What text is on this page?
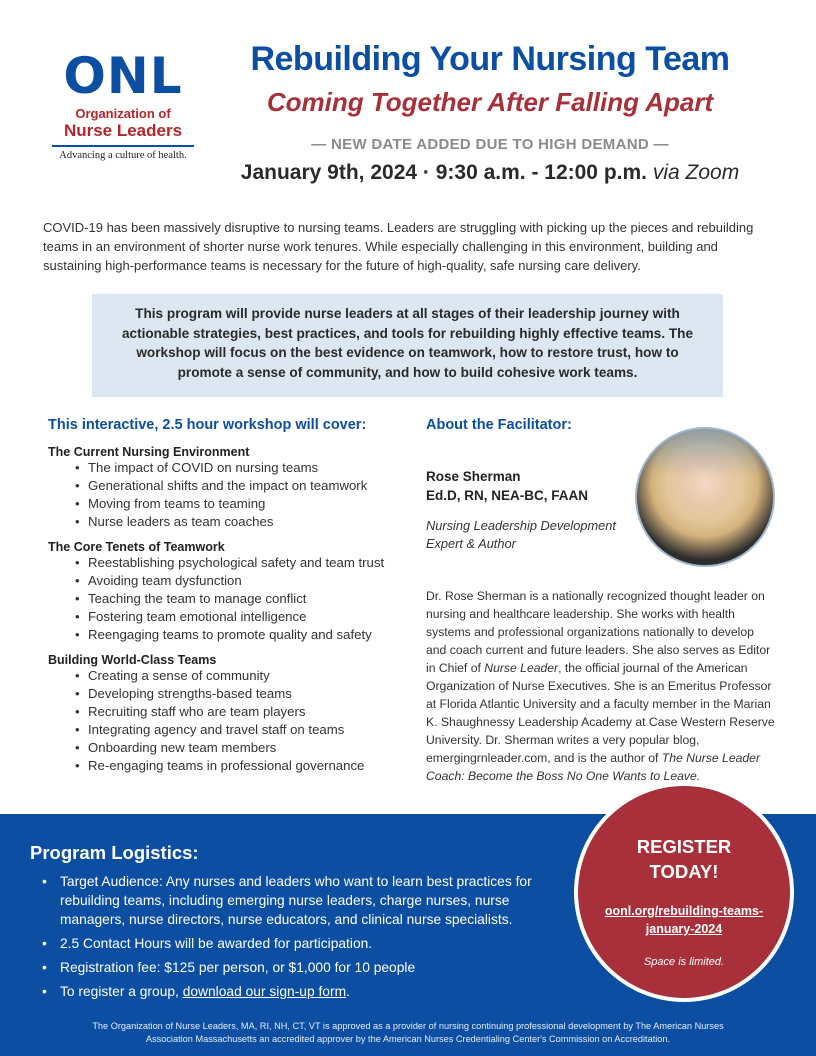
ONL
Organization of
Nurse Leaders
Advancing a culture of health.
Rebuilding Your Nursing Team
Coming Together After Falling Apart
— NEW DATE ADDED DUE TO HIGH DEMAND —
January 9th, 2024 · 9:30 a.m. - 12:00 p.m. via Zoom

COVID-19 has been massively disruptive to nursing teams. Leaders are struggling with picking up the pieces and rebuilding teams in an environment of shorter nurse work tenures. While especially challenging in this environment, building and sustaining high-performance teams is necessary for the future of high-quality, safe nursing care delivery.

This program will provide nurse leaders at all stages of their leadership journey with actionable strategies, best practices, and tools for rebuilding highly effective teams. The workshop will focus on the best evidence on teamwork, how to restore trust, how to promote a sense of community, and how to build cohesive work teams.
This interactive, 2.5 hour workshop will cover:
The Current Nursing Environment
• The impact of COVID on nursing teams
• Generational shifts and the impact on teamwork
• Moving from teams to teaming
• Nurse leaders as team coaches
The Core Tenets of Teamwork
• Reestablishing psychological safety and team trust
• Avoiding team dysfunction
• Teaching the team to manage conflict
• Fostering team emotional intelligence
• Reengaging teams to promote quality and safety
Building World-Class Teams
• Creating a sense of community
• Developing strengths-based teams
• Recruiting staff who are team players
• Integrating agency and travel staff on teams
• Onboarding new team members
• Re-engaging teams in professional governance
About the Facilitator:
Rose Sherman
Ed.D, RN, NEA-BC, FAAN
Nursing Leadership Development Expert & Author

Dr. Rose Sherman is a nationally recognized thought leader on nursing and healthcare leadership. She works with health systems and professional organizations nationally to develop and coach current and future leaders. She also serves as Editor in Chief of Nurse Leader, the official journal of the American Organization of Nurse Executives. She is an Emeritus Professor at Florida Atlantic University and a faculty member in the Marian K. Shaughnessy Leadership Academy at Case Western Reserve University. Dr. Sherman writes a very popular blog, emergingrnleader.com, and is the author of The Nurse Leader Coach: Become the Boss No One Wants to Leave.

Program Logistics:
• Target Audience: Any nurses and leaders who want to learn best practices for rebuilding teams, including emerging nurse leaders, charge nurses, nurse managers, nurse directors, nurse educators, and clinical nurse specialists.
• 2.5 Contact Hours will be awarded for participation.
• Registration fee: $125 per person, or $1,000 for 10 people
• To register a group, download our sign-up form.
The Organization of Nurse Leaders, MA, RI, NH, CT, VT is approved as a provider of nursing continuing professional development by The American Nurses Association Massachusetts an accredited approver by the American Nurses Credentialing Center's Commission on Accreditation.
REGISTER
TODAY!
oonl.org/rebuilding-teams-
january-2024
Space is limited.
